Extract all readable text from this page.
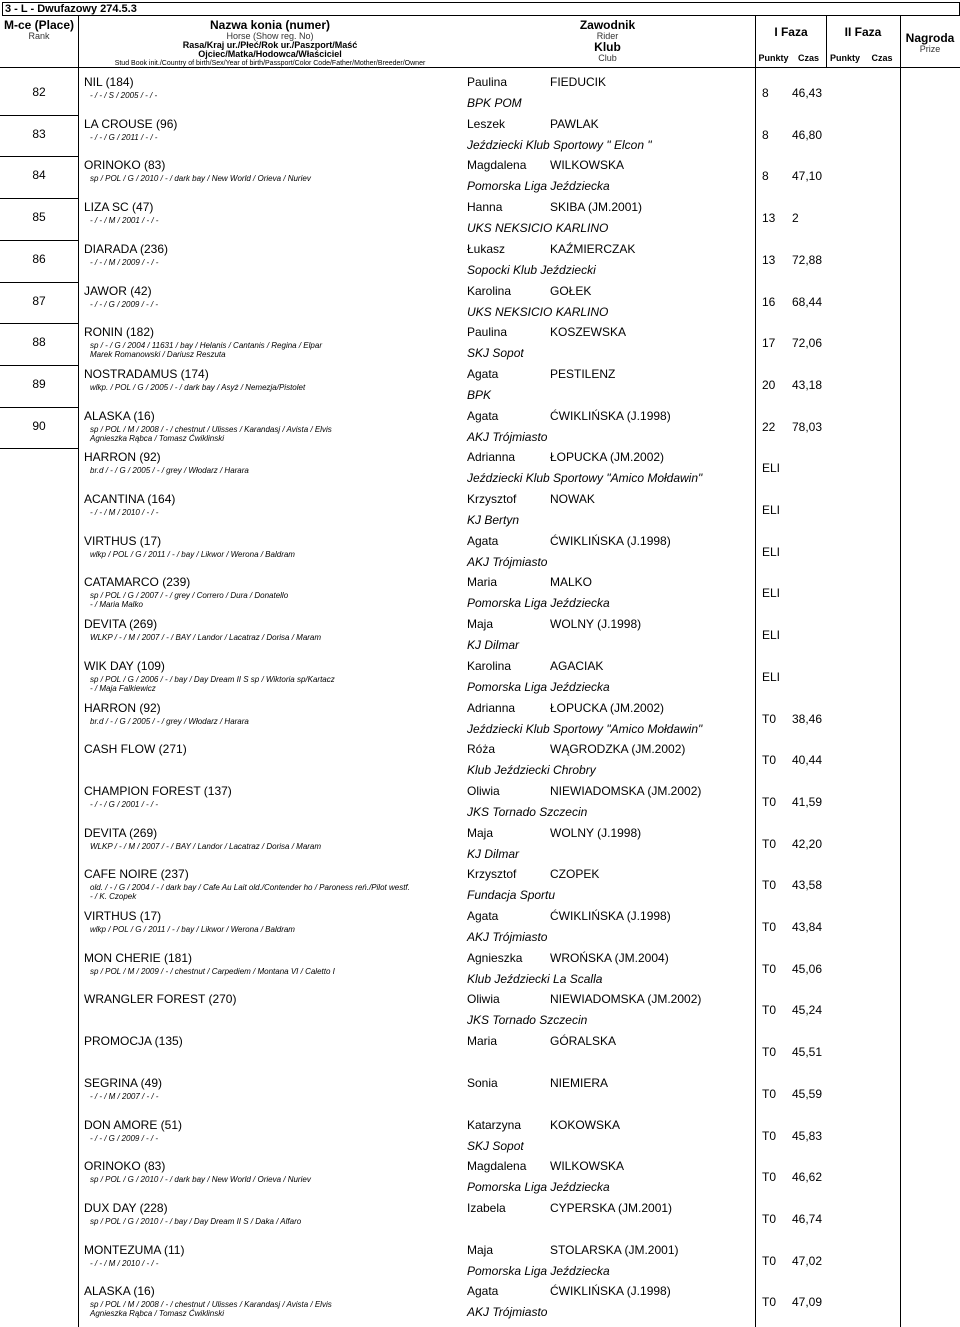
3 - L - Dwufazowy 274.5.3
M-ce (Place)
Rank
Nazwa konia (numer)
Horse (Show reg. No)
Rasa/Kraj ur./Płeć/Rok ur./Paszport/Maść
Ojciec/Matka/Hodowca/Właściciel
Stud Book init./Country of birth/Sex/Year of birth/Passport/Color Code/Father/Mother/Breeder/Owner
Zawodnik
Rider
Klub
Club
I Faza	II Faza
Punkty	Czas	Punkty	Czas
Nagroda
Prize
82
NIL (184)
- / - / S / 2005 / - / -
Paulina	FIEDUCIK
BPK POM
8 46,43
83
LA CROUSE (96)
- / - / G / 2011 / - / -
Leszek	PAWLAK
Jeździecki Klub Sportowy " Elcon "
8 46,80
84
ORINOKO (83)
sp / POL / G / 2010 / - / dark bay / New World / Orieva / Nuriev
Magdalena WILKOWSKA
Pomorska Liga Jeździecka
8 47,10
85
LIZA SC (47)
- / - / M / 2001 / - / -
Hanna	SKIBA (JM.2001)
UKS NEKSICIO KARLINO
13 2
86
DIARADA (236)
- / - / M / 2009 / - / -
Łukasz	KAŹMIERCZAK
Sopocki Klub Jeździecki
13 72,88
87
JAWOR (42)
- / - / G / 2009 / - / -
Karolina	GOŁEK
UKS NEKSICIO KARLINO
16 68,44
88
RONIN (182)
sp / - / G / 2004 / 11631 / bay / Helanis / Cantanis / Regina / Elpar
Marek Romanowski / Dariusz Reszuta
Paulina	KOSZEWSKA
SKJ Sopot
17 72,06
89
NOSTRADAMUS (174)
wlkp. / POL / G / 2005 / - / dark bay / Asyż / Nemezja/Pistolet
Agata	PESTILENZ
BPK
20 43,18
90
ALASKA (16)
sp / POL / M / 2008 / - / chestnut / Ulisses / Karandasj / Avista / Elvis
Agnieszka Rąbca / Tomasz Ćwiklinski
Agata	ĆWIKLIŃSKA (J.1998)
AKJ Trójmiasto
22 78,03
HARRON (92)
br.d / - / G / 2005 / - / grey / Włodarz / Harara
Adrianna	ŁOPUCKA (JM.2002)
Jeździecki Klub Sportowy "Amico Mołdawin"
ELI
ACANTINA (164)
- / - / M / 2010 / - / -
Krzysztof	NOWAK
KJ Bertyn
ELI
VIRTHUS (17)
wlkp / POL / G / 2011 / - / bay / Likwor / Werona / Baldram
Agata	ĆWIKLIŃSKA (J.1998)
AKJ Trójmiasto
ELI
CATAMARCO (239)
sp / POL / G / 2007 / - / grey / Correro / Dura / Donatello
- / Maria Malko
Maria	MALKO
Pomorska Liga Jeździecka
ELI
DEVITA (269)
WLKP / - / M / 2007 / - / BAY / Landor / Lacatraz / Dorisa / Maram
Maja	WOLNY (J.1998)
KJ Dilmar
ELI
WIK DAY (109)
sp / POL / G / 2006 / - / bay / Day Dream II S sp / Wiktoria sp/Kartacz
- / Maja Falkiewicz
Karolina	AGACIAK
Pomorska Liga Jeździecka
ELI
HARRON (92)
br.d / - / G / 2005 / - / grey / Włodarz / Harara
Adrianna	ŁOPUCKA (JM.2002)
Jeździecki Klub Sportowy "Amico Mołdawin"
T0 38,46
CASH FLOW (271)	Róża	WĄGRODZKA (JM.2002)
Klub Jeździecki Chrobry
T0 40,44
CHAMPION FOREST (137)
- / - / G / 2001 / - / -
Oliwia	NIEWIADOMSKA (JM.2002)
JKS Tornado Szczecin
T0 41,59
DEVITA (269)
WLKP / - / M / 2007 / - / BAY / Landor / Lacatraz / Dorisa / Maram
Maja	WOLNY (J.1998)
KJ Dilmar
T0 42,20
CAFE NOIRE (237)
old. / - / G / 2004 / - / dark bay / Cafe Au Lait old./Contender ho / Paroness reń./Pilot westf.
- / K. Czopek
Krzysztof	CZOPEK
Fundacja Sportu
T0 43,58
VIRTHUS (17)
wlkp / POL / G / 2011 / - / bay / Likwor / Werona / Baldram
Agata	ĆWIKLIŃSKA (J.1998)
AKJ Trójmiasto
T0 43,84
MON CHERIE (181)
sp / POL / M / 2009 / - / chestnut / Carpediem / Montana VI / Caletto I
Agnieszka WROŃSKA (JM.2004)
Klub Jeździecki La Scalla
T0 45,06
WRANGLER FOREST (270)	Oliwia	NIEWIADOMSKA (JM.2002)
JKS Tornado Szczecin
T0 45,24
PROMOCJA (135)	Maria	GÓRALSKA
T0 45,51
SEGRINA (49)
- / - / M / 2007 / - / -
Sonia	NIEMIERA
T0 45,59
DON AMORE (51)
- / - / G / 2009 / - / -
Katarzyna KOKOWSKA
SKJ Sopot
T0 45,83
ORINOKO (83)
sp / POL / G / 2010 / - / dark bay / New World / Orieva / Nuriev
Magdalena WILKOWSKA
Pomorska Liga Jeździecka
T0 46,62
DUX DAY (228)
sp / POL / G / 2010 / - / bay / Day Dream II S / Daka / Alfaro
Izabela	CYPERSKA (JM.2001)
T0 46,74
MONTEZUMA (11)
- / - / M / 2010 / - / -
Maja	STOLARSKA (JM.2001)
Pomorska Liga Jeździecka
T0 47,02
ALASKA (16)
sp / POL / M / 2008 / - / chestnut / Ulisses / Karandasj / Avista / Elvis
Agnieszka Rąbca / Tomasz Ćwiklinski
Agata	ĆWIKLIŃSKA (J.1998)
AKJ Trójmiasto
T0 47,09
